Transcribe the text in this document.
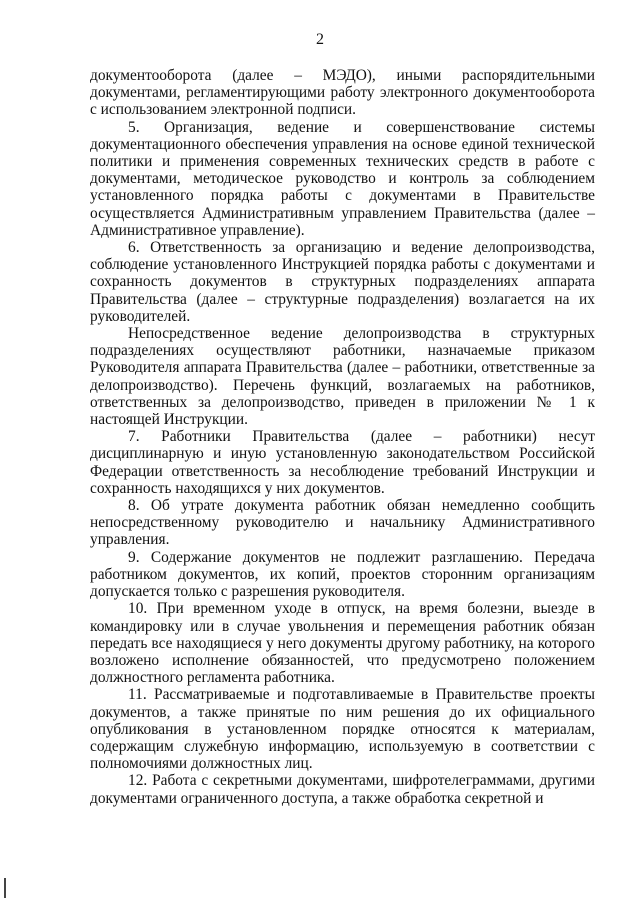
2

документооборота (далее – МЭДО), иными распорядительными документами, регламентирующими работу электронного документооборота с использованием электронной подписи.

5. Организация, ведение и совершенствование системы документационного обеспечения управления на основе единой технической политики и применения современных технических средств в работе с документами, методическое руководство и контроль за соблюдением установленного порядка работы с документами в Правительстве осуществляется Административным управлением Правительства (далее – Административное управление).

6. Ответственность за организацию и ведение делопроизводства, соблюдение установленного Инструкцией порядка работы с документами и сохранность документов в структурных подразделениях аппарата Правительства (далее – структурные подразделения) возлагается на их руководителей.

Непосредственное ведение делопроизводства в структурных подразделениях осуществляют работники, назначаемые приказом Руководителя аппарата Правительства (далее – работники, ответственные за делопроизводство). Перечень функций, возлагаемых на работников, ответственных за делопроизводство, приведен в приложении № 1 к настоящей Инструкции.

7. Работники Правительства (далее – работники) несут дисциплинарную и иную установленную законодательством Российской Федерации ответственность за несоблюдение требований Инструкции и сохранность находящихся у них документов.

8. Об утрате документа работник обязан немедленно сообщить непосредственному руководителю и начальнику Административного управления.

9. Содержание документов не подлежит разглашению. Передача работником документов, их копий, проектов сторонним организациям допускается только с разрешения руководителя.

10. При временном уходе в отпуск, на время болезни, выезде в командировку или в случае увольнения и перемещения работник обязан передать все находящиеся у него документы другому работнику, на которого возложено исполнение обязанностей, что предусмотрено положением должностного регламента работника.

11. Рассматриваемые и подготавливаемые в Правительстве проекты документов, а также принятые по ним решения до их официального опубликования в установленном порядке относятся к материалам, содержащим служебную информацию, используемую в соответствии с полномочиями должностных лиц.

12. Работа с секретными документами, шифротелеграммами, другими документами ограниченного доступа, а также обработка секретной и
